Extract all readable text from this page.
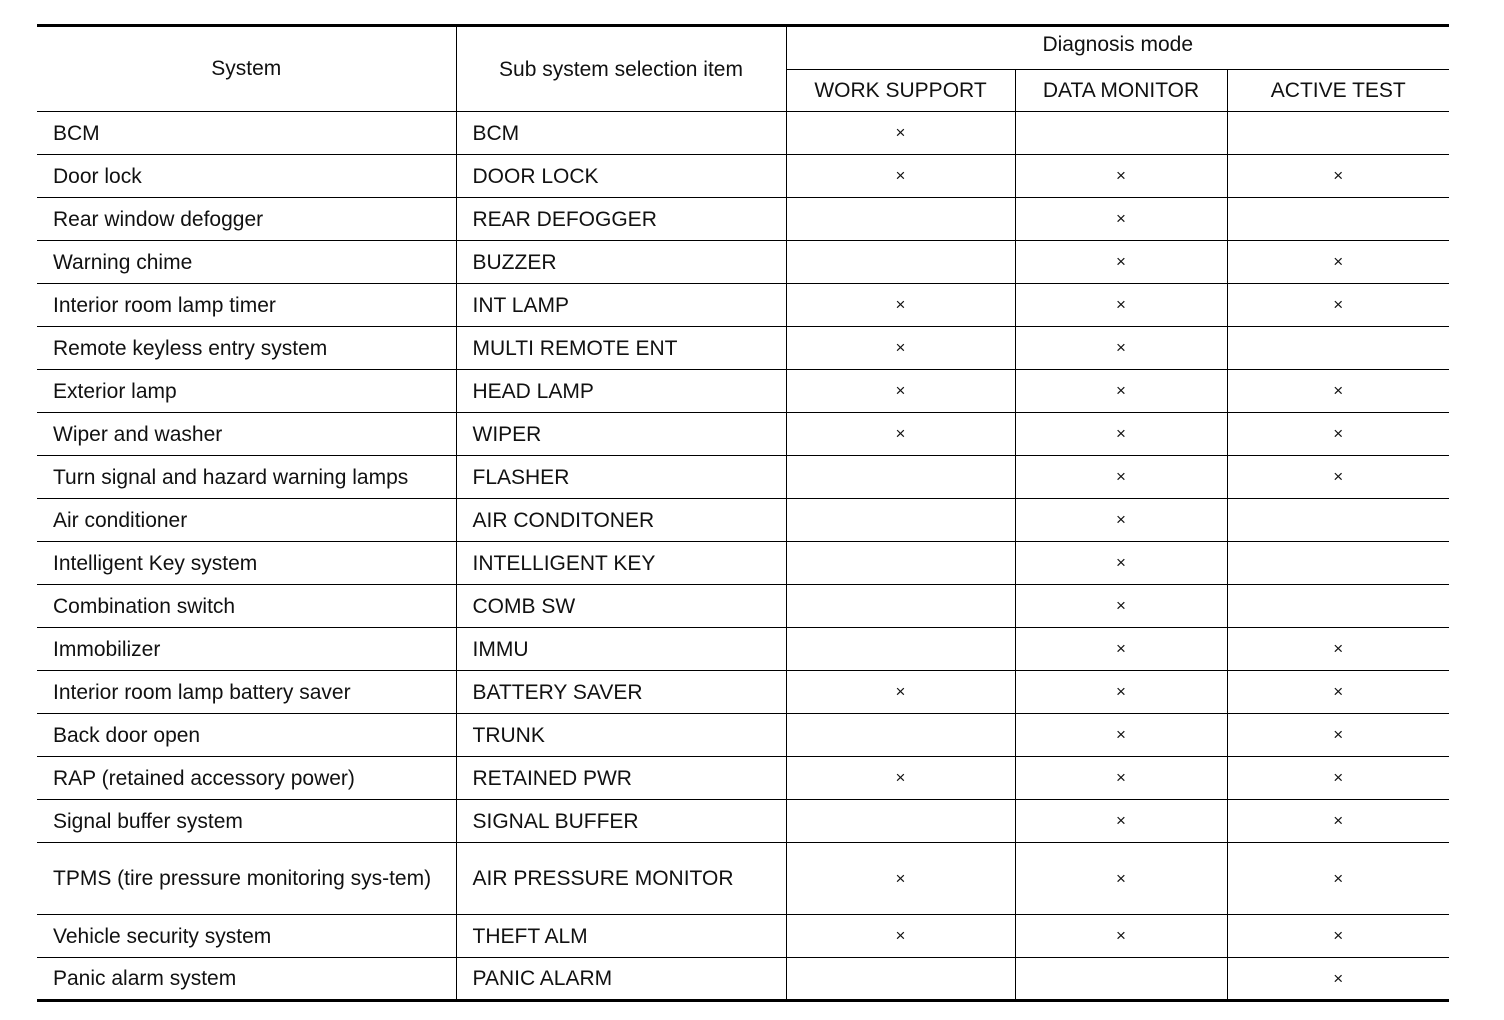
System	Sub system selection item	Diagnosis mode		
		WORK SUPPORT	DATA MONITOR	ACTIVE TEST
BCM	BCM	×		
Door lock	DOOR LOCK	×	×	×
Rear window defogger	REAR DEFOGGER		×	
Warning chime	BUZZER		×	×
Interior room lamp timer	INT LAMP	×	×	×
Remote keyless entry system	MULTI REMOTE ENT	×	×	
Exterior lamp	HEAD LAMP	×	×	×
Wiper and washer	WIPER	×	×	×
Turn signal and hazard warning lamps	FLASHER		×	×
Air conditioner	AIR CONDITONER		×	
Intelligent Key system	INTELLIGENT KEY		×	
Combination switch	COMB SW		×	
Immobilizer	IMMU		×	×
Interior room lamp battery saver	BATTERY SAVER	×	×	×
Back door open	TRUNK		×	×
RAP (retained accessory power)	RETAINED PWR	×	×	×
Signal buffer system	SIGNAL BUFFER		×	×
TPMS (tire pressure monitoring sys-tem)	AIR PRESSURE MONITOR	×	×	×
Vehicle security system	THEFT ALM	×	×	×
Panic alarm system	PANIC ALARM			×
